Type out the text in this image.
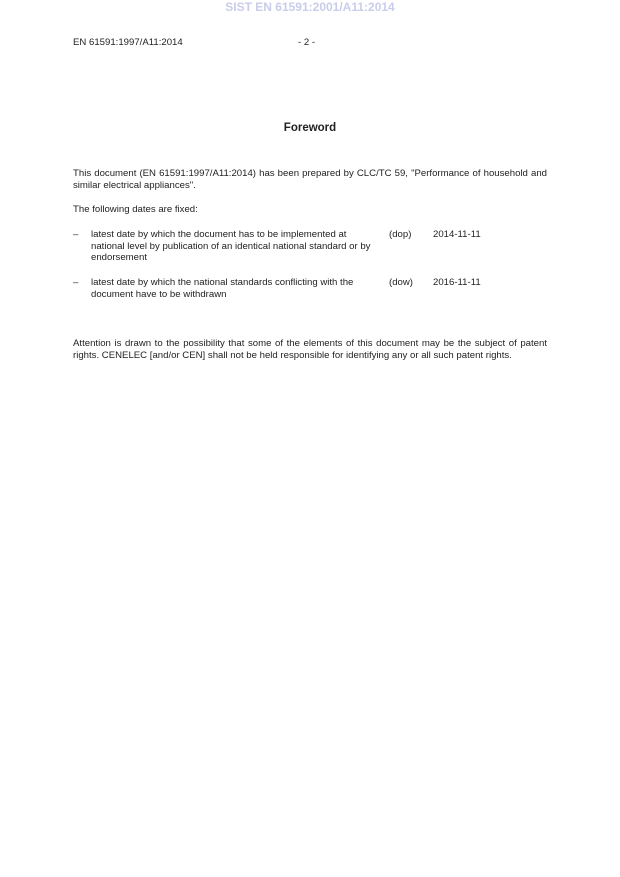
SIST EN 61591:2001/A11:2014
EN 61591:1997/A11:2014	- 2 -
Foreword
This document (EN 61591:1997/A11:2014) has been prepared by CLC/TC 59, "Performance of household and similar electrical appliances".
The following dates are fixed:
– latest date by which the document has to be implemented at national level by publication of an identical national standard or by endorsement
(dop) 2014-11-11
– latest date by which the national standards conflicting with the document have to be withdrawn
(dow) 2016-11-11
Attention is drawn to the possibility that some of the elements of this document may be the subject of patent rights. CENELEC [and/or CEN] shall not be held responsible for identifying any or all such patent rights.
